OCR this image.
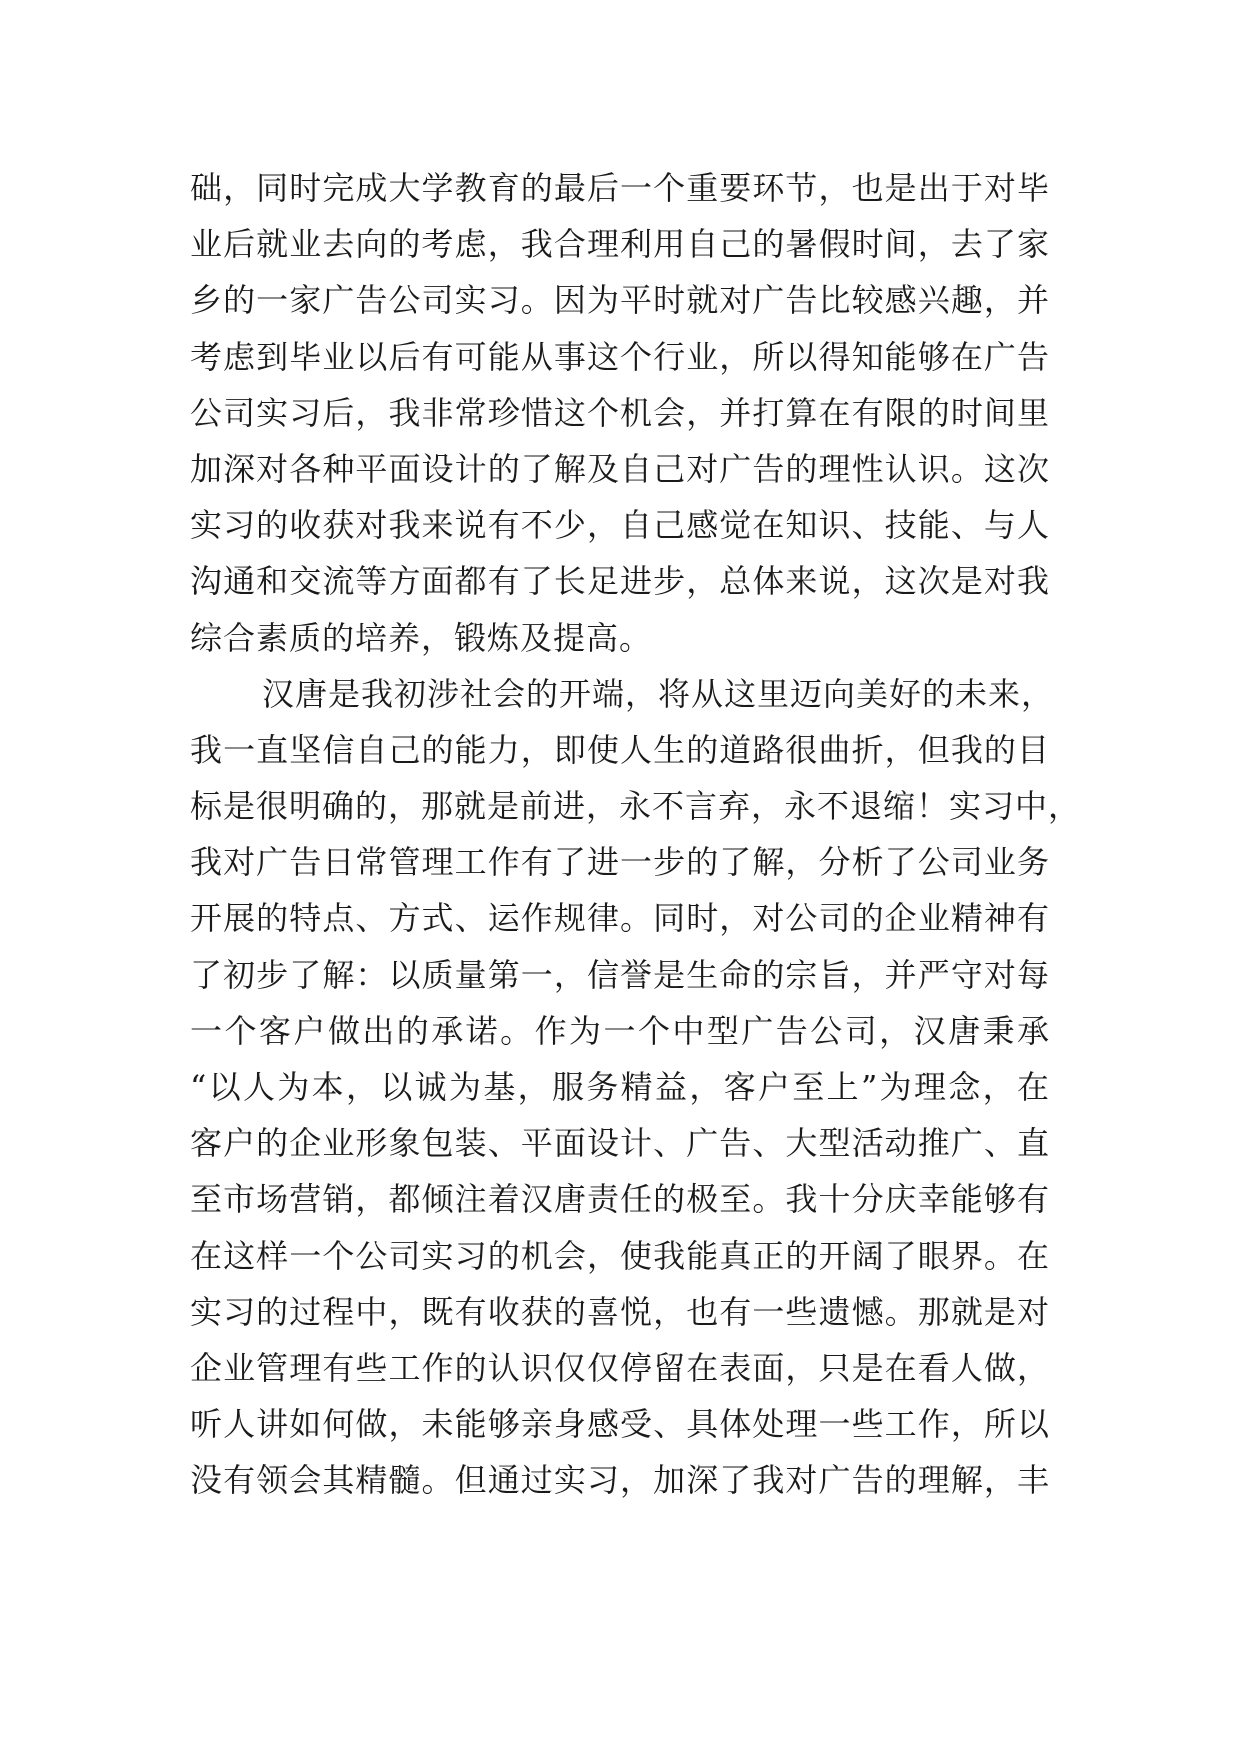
础，同时完成大学教育的最后一个重要环节，也是出于对毕
业后就业去向的考虑，我合理利用自己的暑假时间，去了家
乡的一家广告公司实习。因为平时就对广告比较感兴趣，并
考虑到毕业以后有可能从事这个行业，所以得知能够在广告
公司实习后，我非常珍惜这个机会，并打算在有限的时间里
加深对各种平面设计的了解及自己对广告的理性认识。这次
实习的收获对我来说有不少，自己感觉在知识、技能、与人
沟通和交流等方面都有了长足进步，总体来说，这次是对我
综合素质的培养，锻炼及提高。
汉唐是我初涉社会的开端，将从这里迈向美好的未来，
我一直坚信自己的能力，即使人生的道路很曲折，但我的目
标是很明确的，那就是前进，永不言弃，永不退缩！实习中，
我对广告日常管理工作有了进一步的了解，分析了公司业务
开展的特点、方式、运作规律。同时，对公司的企业精神有
了初步了解：以质量第一，信誉是生命的宗旨，并严守对每
一个客户做出的承诺。作为一个中型广告公司，汉唐秉承
“以人为本，以诚为基，服务精益，客户至上”为理念，在
客户的企业形象包装、平面设计、广告、大型活动推广、直
至市场营销，都倾注着汉唐责任的极至。我十分庆幸能够有
在这样一个公司实习的机会，使我能真正的开阔了眼界。在
实习的过程中，既有收获的喜悦，也有一些遗憾。那就是对
企业管理有些工作的认识仅仅停留在表面，只是在看人做，
听人讲如何做，未能够亲身感受、具体处理一些工作，所以
没有领会其精髓。但通过实习，加深了我对广告的理解，丰
